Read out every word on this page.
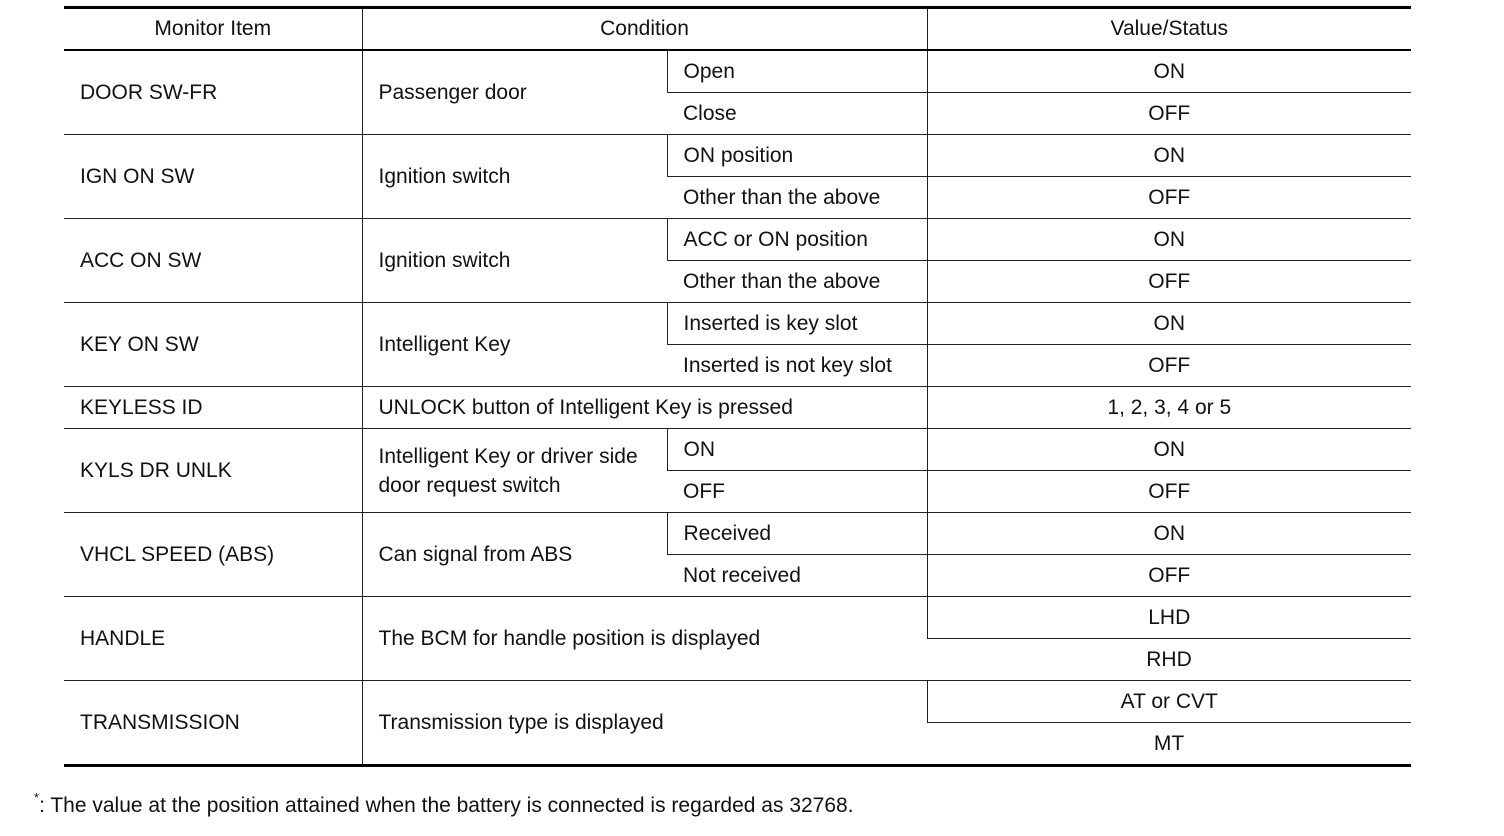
Monitor Item	Condition		Value/Status
DOOR SW-FR	Passenger door	Open	ON
		Close	OFF
IGN ON SW	Ignition switch	ON position	ON
		Other than the above	OFF
ACC ON SW	Ignition switch	ACC or ON position	ON
		Other than the above	OFF
KEY ON SW	Intelligent Key	Inserted is key slot	ON
		Inserted is not key slot	OFF
KEYLESS ID	UNLOCK button of Intelligent Key is pressed		1, 2, 3, 4 or 5
KYLS DR UNLK	Intelligent Key or driver side door request switch	ON	ON
		OFF	OFF
VHCL SPEED (ABS)	Can signal from ABS	Received	ON
		Not received	OFF
HANDLE	The BCM for handle position is displayed		LHD
			RHD
TRANSMISSION	Transmission type is displayed		AT or CVT
			MT
*: The value at the position attained when the battery is connected is regarded as 32768.
